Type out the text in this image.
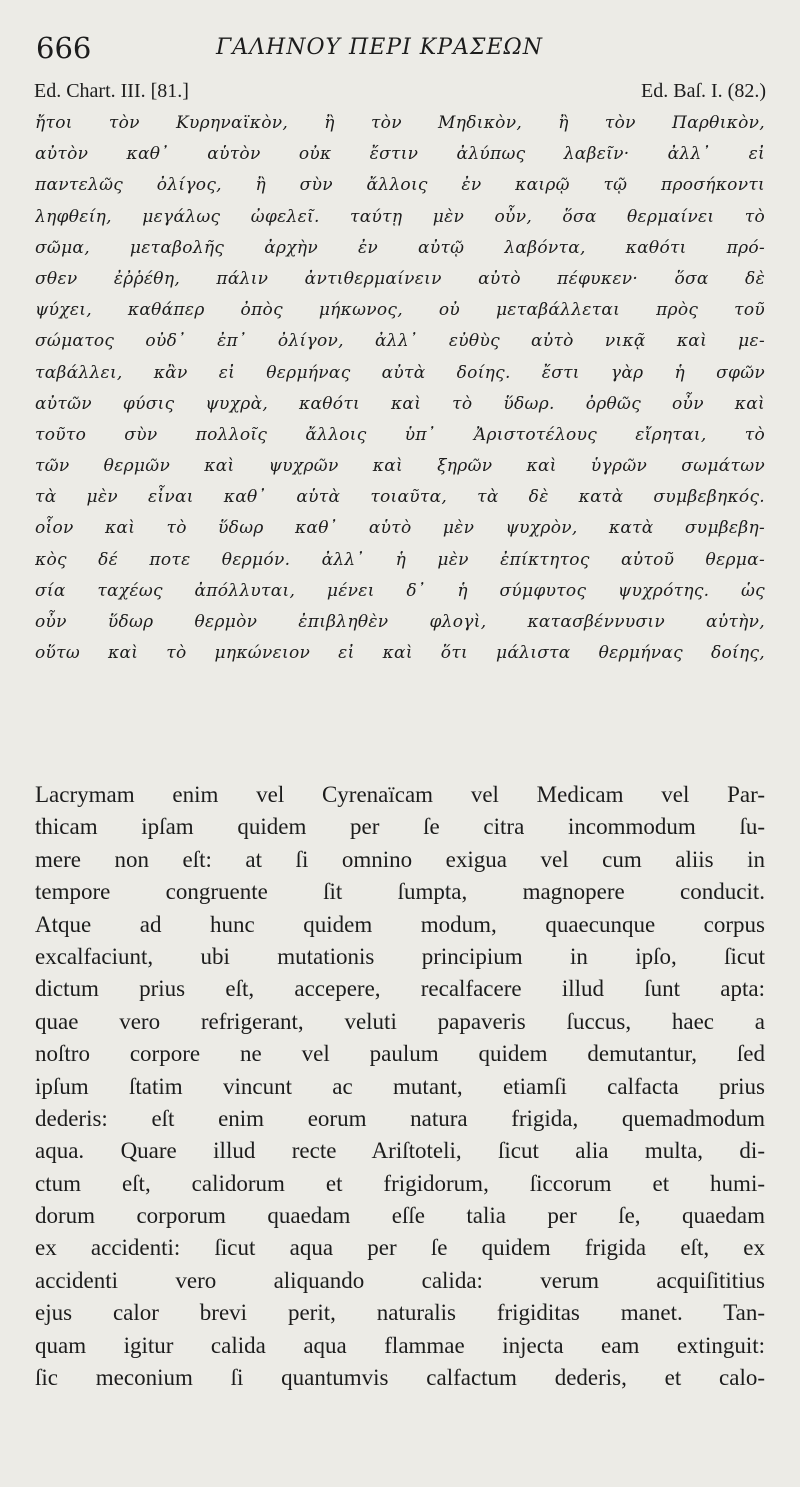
666	ΓΑΛΗΝΟΥ ΠΕΡΙ ΚΡΑΣΕΩΝ
Ed. Chart. III. [81.]	Ed. Baſ. I. (82.)
ἤτοι τὸν Κυρηναϊκὸν, ἢ τὸν Μηδικὸν, ἢ τὸν Παρθικὸν,
αὐτὸν καθ᾽ αὑτὸν οὐκ ἔστιν ἀλύπως λαβεῖν· ἀλλ᾽ εἰ
παντελῶς ὀλίγος, ἢ σὺν ἄλλοις ἐν καιρῷ τῷ προσήκοντι
ληφθείη, μεγάλως ὠφελεῖ. ταύτῃ μὲν οὖν, ὅσα θερμαίνει τὸ
σῶμα, μεταβολῆς ἀρχὴν ἐν αὐτῷ λαβόντα, καθότι πρό-
σθεν ἐῤῥέθη, πάλιν ἀντιθερμαίνειν αὐτὸ πέφυκεν· ὅσα δὲ
ψύχει, καθάπερ ὀπὸς μήκωνος, οὐ μεταβάλλεται πρὸς τοῦ
σώματος οὐδ᾽ ἐπ᾽ ὀλίγον, ἀλλ᾽ εὐθὺς αὐτὸ νικᾷ καὶ με-
ταβάλλει, κἂν εἰ θερμήνας αὐτὰ δοίης. ἔστι γὰρ ἡ σφῶν
αὐτῶν φύσις ψυχρὰ, καθότι καὶ τὸ ὕδωρ. ὀρθῶς οὖν καὶ
τοῦτο σὺν πολλοῖς ἄλλοις ὑπ᾽ Ἀριστοτέλους εἴρηται, τὸ
τῶν θερμῶν καὶ ψυχρῶν καὶ ξηρῶν καὶ ὑγρῶν σωμάτων
τὰ μὲν εἶναι καθ᾽ αὑτὰ τοιαῦτα, τὰ δὲ κατὰ συμβεβηκός.
οἷον καὶ τὸ ὕδωρ καθ᾽ αὑτὸ μὲν ψυχρὸν, κατὰ συμβεβη-
κὸς δέ ποτε θερμόν. ἀλλ᾽ ἡ μὲν ἐπίκτητος αὐτοῦ θερμα-
σία ταχέως ἀπόλλυται, μένει δ᾽ ἡ σύμφυτος ψυχρότης. ὡς
οὖν ὕδωρ θερμὸν ἐπιβληθὲν φλογὶ, κατασβέννυσιν αὐτὴν,
οὕτω καὶ τὸ μηκώνειον εἰ καὶ ὅτι μάλιστα θερμήνας δοίης,
Lacrymam enim vel Cyrenaïcam vel Medicam vel Par-
thicam ipſam quidem per ſe citra incommodum ſu-
mere non eſt: at ſi omnino exigua vel cum aliis in
tempore congruente ſit ſumpta, magnopere conducit.
Atque ad hunc quidem modum, quaecunque corpus
excalfaciunt, ubi mutationis principium in ipſo, ſicut
dictum prius eſt, accepere, recalfacere illud ſunt apta:
quae vero refrigerant, veluti papaveris ſuccus, haec a
noſtro corpore ne vel paulum quidem demutantur, ſed
ipſum ſtatim vincunt ac mutant, etiamſi calfacta prius
dederis: eſt enim eorum natura frigida, quemadmodum
aqua. Quare illud recte Ariſtoteli, ſicut alia multa, di-
ctum eſt, calidorum et frigidorum, ſiccorum et humi-
dorum corporum quaedam eſſe talia per ſe, quaedam
ex accidenti: ſicut aqua per ſe quidem frigida eſt, ex
accidenti vero aliquando calida: verum acquiſititius
ejus calor brevi perit, naturalis frigiditas manet. Tan-
quam igitur calida aqua flammae injecta eam extinguit:
ſic meconium ſi quantumvis calfactum dederis, et calo-
